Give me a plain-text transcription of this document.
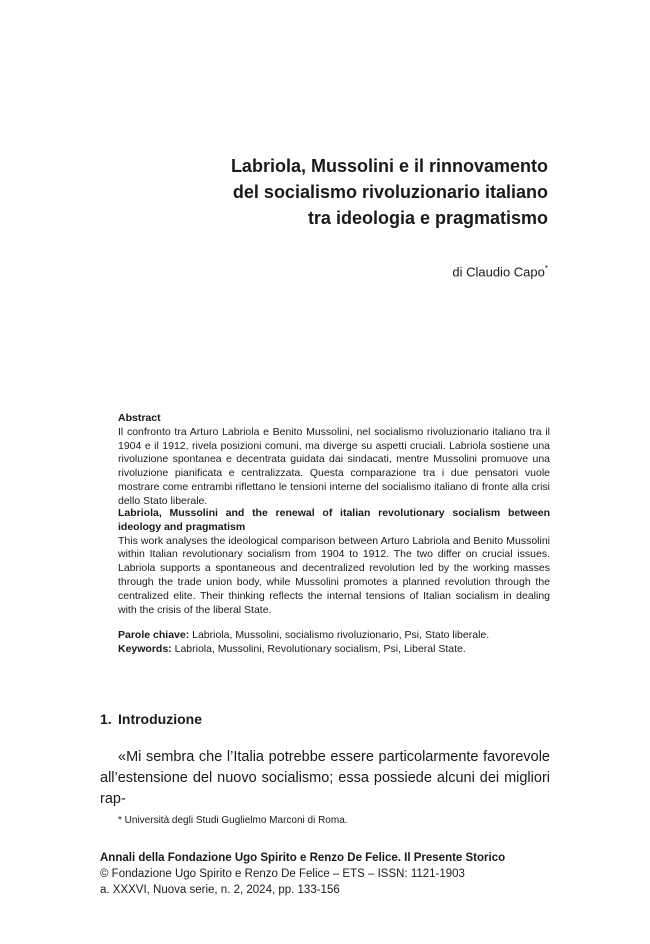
Labriola, Mussolini e il rinnovamento
del socialismo rivoluzionario italiano
tra ideologia e pragmatismo
di Claudio Capo*
Abstract
Il confronto tra Arturo Labriola e Benito Mussolini, nel socialismo rivoluzionario italiano tra il 1904 e il 1912, rivela posizioni comuni, ma diverge su aspetti cruciali. Labriola sostiene una rivoluzione spontanea e decentrata guidata dai sindacati, mentre Mussolini promuove una rivoluzione pianificata e centralizzata. Questa comparazione tra i due pensatori vuole mostrare come entrambi riflettano le tensioni interne del socialismo italiano di fronte alla crisi dello Stato liberale.
Labriola, Mussolini and the renewal of italian revolutionary socialism between ideology and pragmatism
This work analyses the ideological comparison between Arturo Labriola and Benito Mussolini within Italian revolutionary socialism from 1904 to 1912. The two differ on crucial issues. Labriola supports a spontaneous and decentralized revolution led by the working masses through the trade union body, while Mussolini promotes a planned revolution through the centralized elite. Their thinking reflects the internal tensions of Italian socialism in dealing with the crisis of the liberal State.
Parole chiave: Labriola, Mussolini, socialismo rivoluzionario, Psi, Stato liberale.
Keywords: Labriola, Mussolini, Revolutionary socialism, Psi, Liberal State.
1. Introduzione
«Mi sembra che l’Italia potrebbe essere particolarmente favorevole
all’estensione del nuovo socialismo; essa possiede alcuni dei migliori rap-
* Università degli Studi Guglielmo Marconi di Roma.
Annali della Fondazione Ugo Spirito e Renzo De Felice. Il Presente Storico
© Fondazione Ugo Spirito e Renzo De Felice – ETS – ISSN: 1121-1903
a. XXXVI, Nuova serie, n. 2, 2024, pp. 133-156
